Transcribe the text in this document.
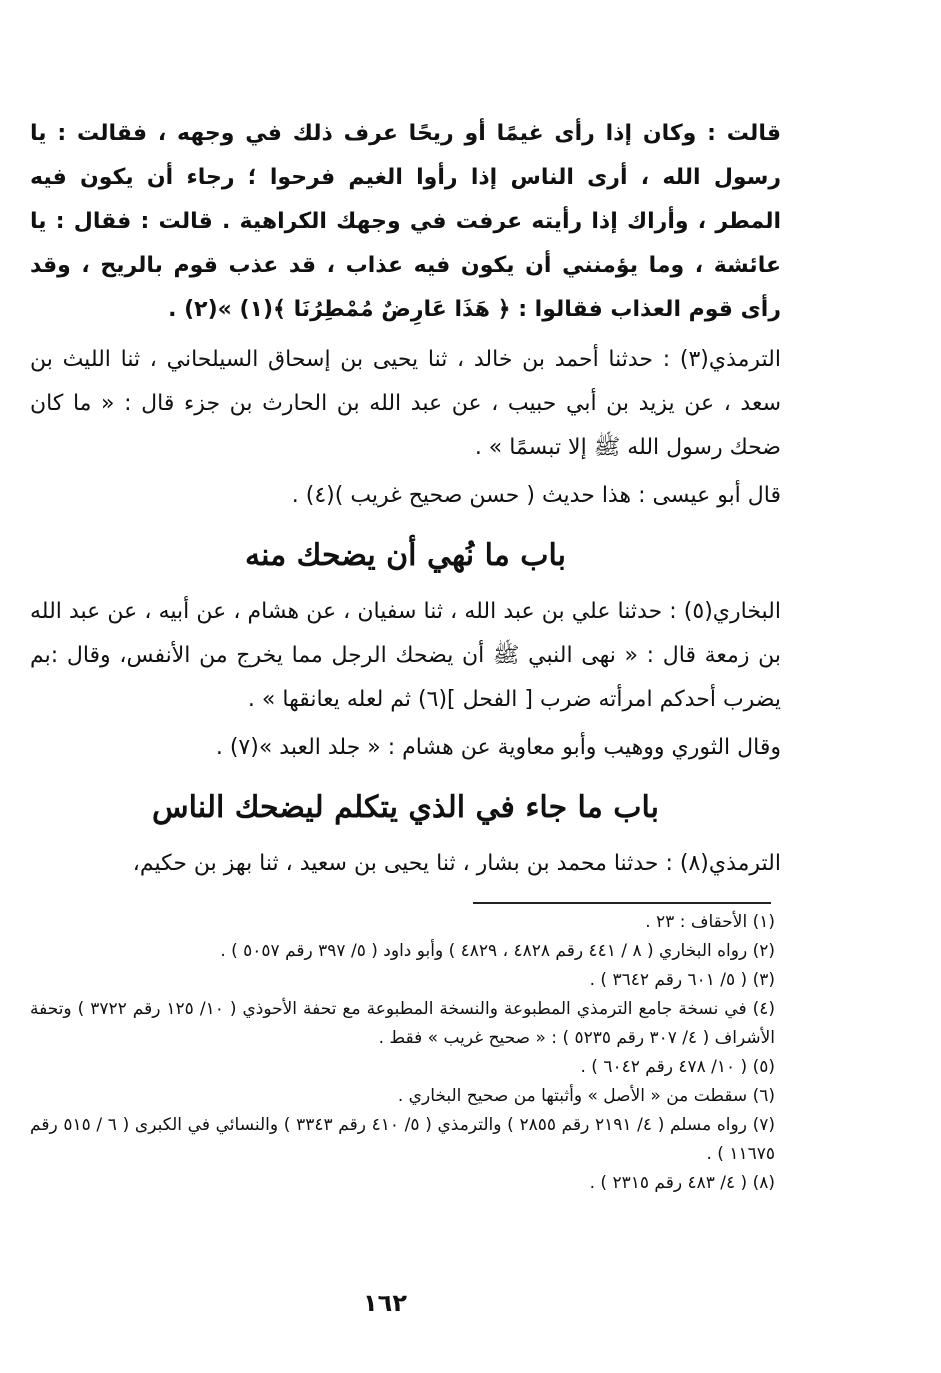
قالت : وكان إذا رأى غيمًا أو ريحًا عرف ذلك في وجهه ، فقالت : يا رسول الله ، أرى الناس إذا رأوا الغيم فرحوا ؛ رجاء أن يكون فيه المطر ، وأراك إذا رأيته عرفت في وجهك الكراهية . قالت : فقال : يا عائشة ، وما يؤمنني أن يكون فيه عذاب ، قد عذب قوم بالريح ، وقد رأى قوم العذاب فقالوا : ﴿ هَذَا عَارِضٌ مُمْطِرُنَا ﴾(١) »(٢) .

الترمذي(٣) : حدثنا أحمد بن خالد ، ثنا يحيى بن إسحاق السيلحاني ، ثنا الليث بن سعد ، عن يزيد بن أبي حبيب ، عن عبد الله بن الحارث بن جزء قال : « ما كان ضحك رسول الله ﷺ إلا تبسمًا » .

قال أبو عيسى : هذا حديث ( حسن صحيح غريب )(٤) .

باب ما نُهي أن يضحك منه

البخاري(٥) : حدثنا علي بن عبد الله ، ثنا سفيان ، عن هشام ، عن أبيه ، عن عبد الله بن زمعة قال : « نهى النبي ﷺ أن يضحك الرجل مما يخرج من الأنفس، وقال :بم يضرب أحدكم امرأته ضرب [ الفحل ](٦) ثم لعله يعانقها » .

وقال الثوري ووهيب وأبو معاوية عن هشام : « جلد العبد »(٧) .

باب ما جاء في الذي يتكلم ليضحك الناس

الترمذي(٨) : حدثنا محمد بن بشار ، ثنا يحيى بن سعيد ، ثنا بهز بن حكيم،

(١) الأحقاف : ٢٣ .

(٢) رواه البخاري ( ٨ / ٤٤١ رقم ٤٨٢٨ ، ٤٨٢٩ ) وأبو داود ( ٥/ ٣٩٧ رقم ٥٠٥٧ ) .

(٣) ( ٥/ ٦٠١ رقم ٣٦٤٢ ) .

(٤) في نسخة جامع الترمذي المطبوعة والنسخة المطبوعة مع تحفة الأحوذي ( ١٠/ ١٢٥ رقم ٣٧٢٢ ) وتحفة الأشراف ( ٤/ ٣٠٧ رقم ٥٢٣٥ ) : « صحيح غريب » فقط .

(٥) ( ١٠/ ٤٧٨ رقم ٦٠٤٢ ) .

(٦) سقطت من « الأصل » وأثبتها من صحيح البخاري .

(٧) رواه مسلم ( ٤/ ٢١٩١ رقم ٢٨٥٥ ) والترمذي ( ٥/ ٤١٠ رقم ٣٣٤٣ ) والنسائي في الكبرى ( ٦ / ٥١٥ رقم ١١٦٧٥ ) .

(٨) ( ٤/ ٤٨٣ رقم ٢٣١٥ ) .

١٦٢
